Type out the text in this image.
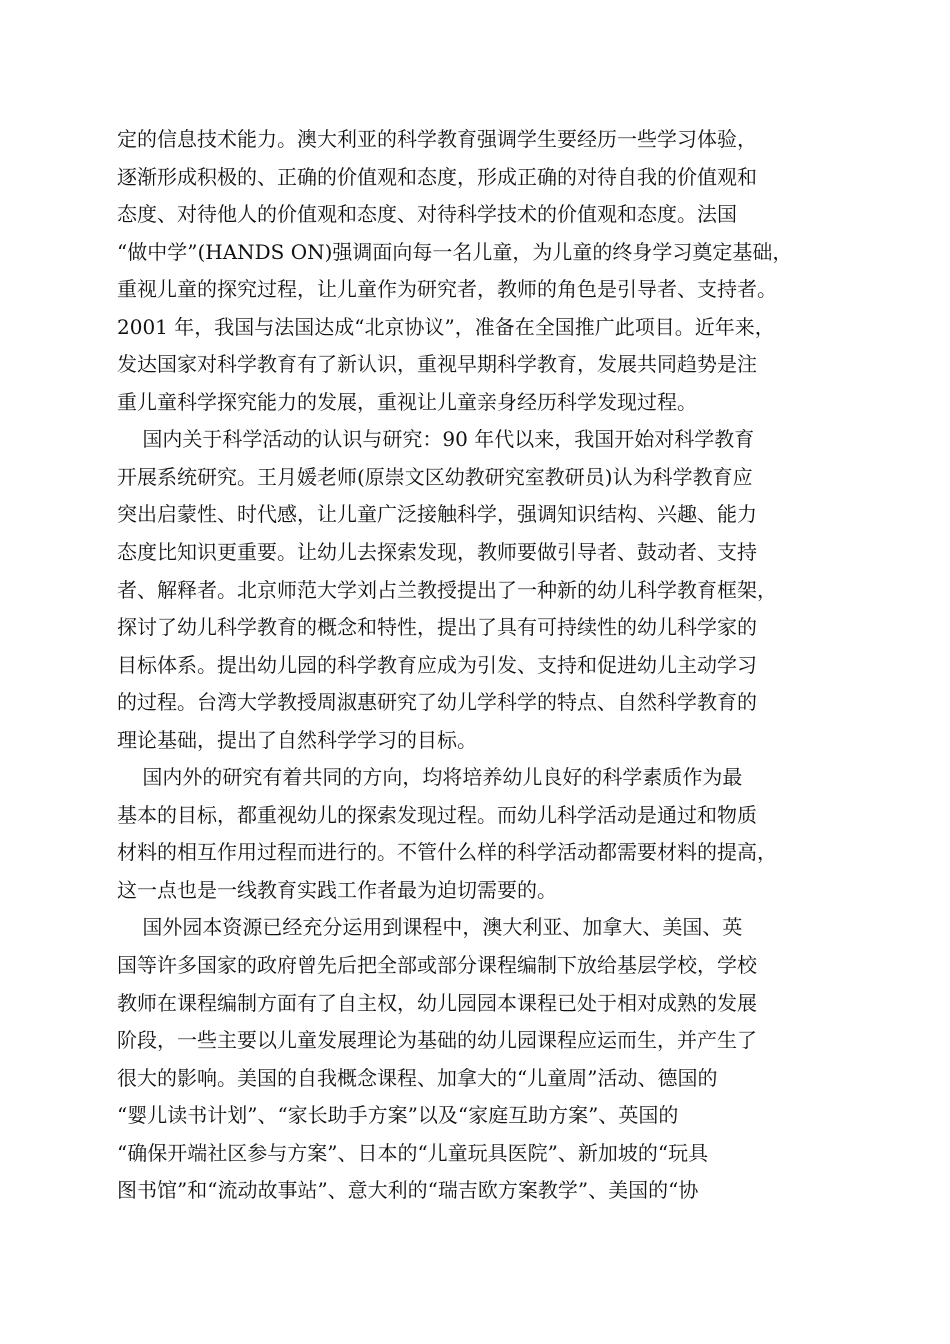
定的信息技术能力。澳大利亚的科学教育强调学生要经历一些学习体验，
逐渐形成积极的、正确的价值观和态度，形成正确的对待自我的价值观和
态度、对待他人的价值观和态度、对待科学技术的价值观和态度。法国
“做中学”(HANDS ON)强调面向每一名儿童，为儿童的终身学习奠定基础，
重视儿童的探究过程，让儿童作为研究者，教师的角色是引导者、支持者。
2001 年，我国与法国达成“北京协议”，准备在全国推广此项目。近年来，
发达国家对科学教育有了新认识，重视早期科学教育，发展共同趋势是注
重儿童科学探究能力的发展，重视让儿童亲身经历科学发现过程。
国内关于科学活动的认识与研究：90 年代以来，我国开始对科学教育
开展系统研究。王月媛老师(原崇文区幼教研究室教研员)认为科学教育应
突出启蒙性、时代感，让儿童广泛接触科学，强调知识结构、兴趣、能力
态度比知识更重要。让幼儿去探索发现，教师要做引导者、鼓动者、支持
者、解释者。北京师范大学刘占兰教授提出了一种新的幼儿科学教育框架，
探讨了幼儿科学教育的概念和特性，提出了具有可持续性的幼儿科学家的
目标体系。提出幼儿园的科学教育应成为引发、支持和促进幼儿主动学习
的过程。台湾大学教授周淑惠研究了幼儿学科学的特点、自然科学教育的
理论基础，提出了自然科学学习的目标。
国内外的研究有着共同的方向，均将培养幼儿良好的科学素质作为最
基本的目标，都重视幼儿的探索发现过程。而幼儿科学活动是通过和物质
材料的相互作用过程而进行的。不管什么样的科学活动都需要材料的提高，
这一点也是一线教育实践工作者最为迫切需要的。
国外园本资源已经充分运用到课程中，澳大利亚、加拿大、美国、英
国等许多国家的政府曾先后把全部或部分课程编制下放给基层学校，学校
教师在课程编制方面有了自主权，幼儿园园本课程已处于相对成熟的发展
阶段，一些主要以儿童发展理论为基础的幼儿园课程应运而生，并产生了
很大的影响。美国的自我概念课程、加拿大的“儿童周”活动、德国的
“婴儿读书计划”、“家长助手方案”以及“家庭互助方案”、英国的
“确保开端社区参与方案”、日本的“儿童玩具医院”、新加坡的“玩具
图书馆”和“流动故事站”、意大利的“瑞吉欧方案教学”、美国的“协
